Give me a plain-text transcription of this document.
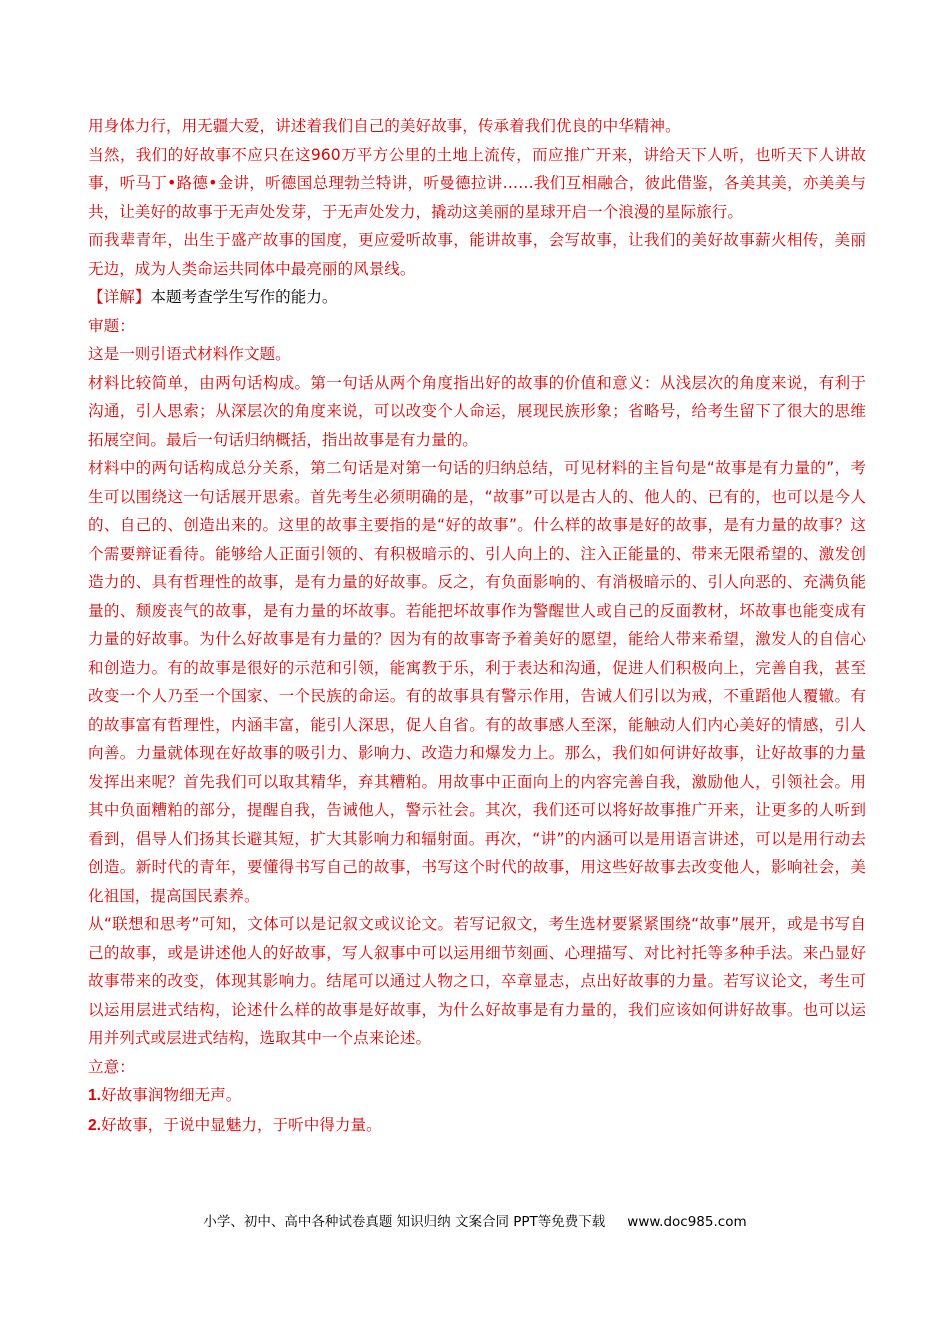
用身体力行，用无疆大爱，讲述着我们自己的美好故事，传承着我们优良的中华精神。

当然，我们的好故事不应只在这960万平方公里的土地上流传，而应推广开来，讲给天下人听，也听天下人讲故事，听马丁•路德•金讲，听德国总理勃兰特讲，听曼德拉讲……我们互相融合，彼此借鉴，各美其美，亦美美与共，让美好的故事于无声处发芽，于无声处发力，撬动这美丽的星球开启一个浪漫的星际旅行。

而我辈青年，出生于盛产故事的国度，更应爱听故事，能讲故事，会写故事，让我们的美好故事薪火相传，美丽无边，成为人类命运共同体中最亮丽的风景线。

【详解】本题考查学生写作的能力。

审题：

这是一则引语式材料作文题。

材料比较简单，由两句话构成。第一句话从两个角度指出好的故事的价值和意义：从浅层次的角度来说，有利于沟通，引人思索；从深层次的角度来说，可以改变个人命运，展现民族形象；省略号，给考生留下了很大的思维拓展空间。最后一句话归纳概括，指出故事是有力量的。

材料中的两句话构成总分关系，第二句话是对第一句话的归纳总结，可见材料的主旨句是“故事是有力量的”，考生可以围绕这一句话展开思索。首先考生必须明确的是，“故事”可以是古人的、他人的、已有的，也可以是今人的、自己的、创造出来的。这里的故事主要指的是“好的故事”。什么样的故事是好的故事，是有力量的故事？这个需要辩证看待。能够给人正面引领的、有积极暗示的、引人向上的、注入正能量的、带来无限希望的、激发创造力的、具有哲理性的故事，是有力量的好故事。反之，有负面影响的、有消极暗示的、引人向恶的、充满负能量的、颓废丧气的故事，是有力量的坏故事。若能把坏故事作为警醒世人或自己的反面教材，坏故事也能变成有力量的好故事。为什么好故事是有力量的？因为有的故事寄予着美好的愿望，能给人带来希望，激发人的自信心和创造力。有的故事是很好的示范和引领，能寓教于乐，利于表达和沟通，促进人们积极向上，完善自我，甚至改变一个人乃至一个国家、一个民族的命运。有的故事具有警示作用，告诫人们引以为戒，不重蹈他人覆辙。有的故事富有哲理性，内涵丰富，能引人深思，促人自省。有的故事感人至深，能触动人们内心美好的情感，引人向善。力量就体现在好故事的吸引力、影响力、改造力和爆发力上。那么，我们如何讲好故事，让好故事的力量发挥出来呢？首先我们可以取其精华，弃其糟粕。用故事中正面向上的内容完善自我，激励他人，引领社会。用其中负面糟粕的部分，提醒自我，告诫他人，警示社会。其次，我们还可以将好故事推广开来，让更多的人听到看到，倡导人们扬其长避其短，扩大其影响力和辐射面。再次，“讲”的内涵可以是用语言讲述，可以是用行动去创造。新时代的青年，要懂得书写自己的故事，书写这个时代的故事，用这些好故事去改变他人，影响社会，美化祖国，提高国民素养。

从“联想和思考”可知，文体可以是记叙文或议论文。若写记叙文，考生选材要紧紧围绕“故事”展开，或是书写自己的故事，或是讲述他人的好故事，写人叙事中可以运用细节刻画、心理描写、对比衬托等多种手法。来凸显好故事带来的改变，体现其影响力。结尾可以通过人物之口，卒章显志，点出好故事的力量。若写议论文，考生可以运用层进式结构，论述什么样的故事是好故事，为什么好故事是有力量的，我们应该如何讲好故事。也可以运用并列式或层进式结构，选取其中一个点来论述。

立意：

1.好故事润物细无声。

2.好故事，于说中显魅力，于听中得力量。

小学、初中、高中各种试卷真题 知识归纳 文案合同 PPT等免费下载 www.doc985.com
